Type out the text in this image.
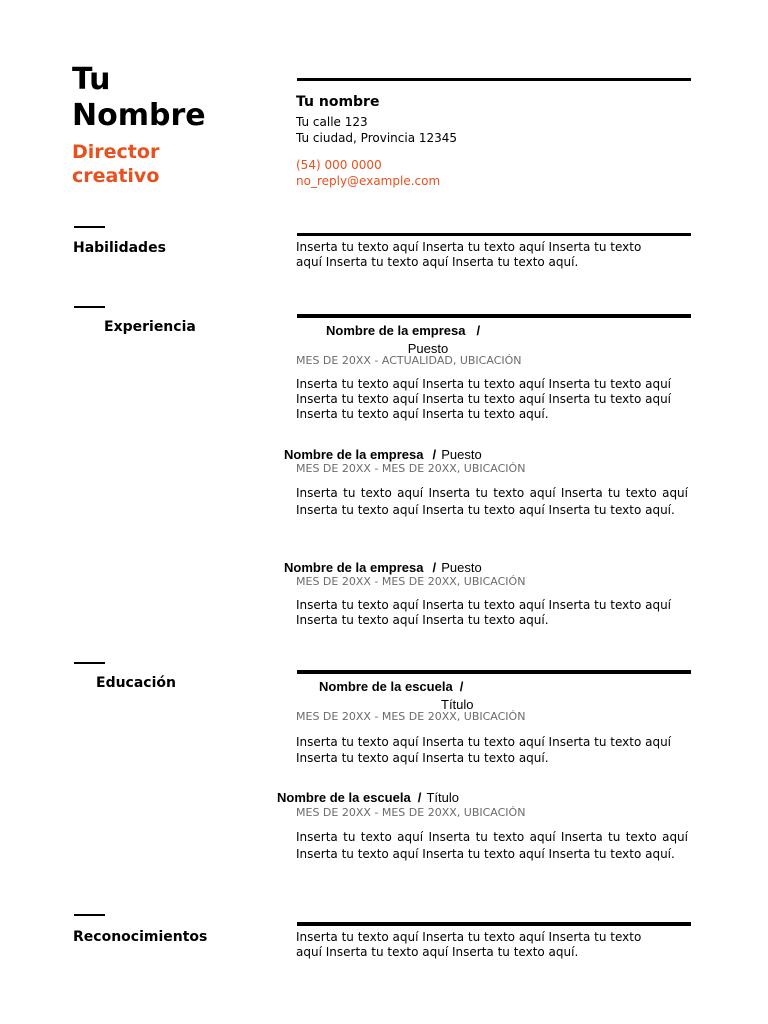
Tu
Nombre
Director
creativo
Tu nombre
Tu calle 123
Tu ciudad, Provincia 12345
(54) 000 0000
no_reply@example.com
Habilidades	Inserta tu texto aquí Inserta tu texto aquí Inserta tu texto aquí Inserta tu texto aquí Inserta tu texto aquí.
Experiencia	Nombre de la empresa /
Puesto
MES DE 20XX - ACTUALIDAD, UBICACIÓN
Inserta tu texto aquí Inserta tu texto aquí Inserta tu texto aquí Inserta tu texto aquí Inserta tu texto aquí Inserta tu texto aquí Inserta tu texto aquí Inserta tu texto aquí.
Nombre de la empresa / Puesto
MES DE 20XX - MES DE 20XX, UBICACIÓN
Inserta tu texto aquí Inserta tu texto aquí Inserta tu texto aquí Inserta tu texto aquí Inserta tu texto aquí Inserta tu texto aquí.
Nombre de la empresa / Puesto
MES DE 20XX - MES DE 20XX, UBICACIÓN
Inserta tu texto aquí Inserta tu texto aquí Inserta tu texto aquí Inserta tu texto aquí Inserta tu texto aquí.
Educación	Nombre de la escuela /
Título
MES DE 20XX - MES DE 20XX, UBICACIÓN
Inserta tu texto aquí Inserta tu texto aquí Inserta tu texto aquí Inserta tu texto aquí Inserta tu texto aquí.
Nombre de la escuela / Título
MES DE 20XX - MES DE 20XX, UBICACIÓN
Inserta tu texto aquí Inserta tu texto aquí Inserta tu texto aquí Inserta tu texto aquí Inserta tu texto aquí Inserta tu texto aquí.
Reconocimientos	Inserta tu texto aquí Inserta tu texto aquí Inserta tu texto aquí Inserta tu texto aquí Inserta tu texto aquí.
